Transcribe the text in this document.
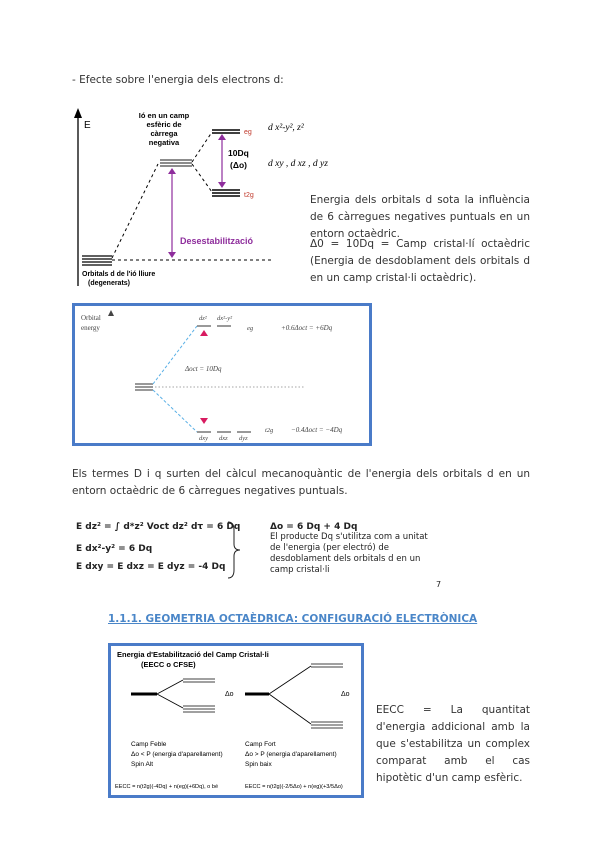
- Efecte sobre l'energia dels electrons d:
E
Ió en un camp
esfèric de
càrrega
negativa
eg
t2g
10Dq
(Δo)
Desestabilització
Orbitals d de l'ió lliure
(degenerats)
d x²-y², z²
d xy , d xz , d yz
Energia dels orbitals d sota la influència de 6 càrregues negatives puntuals en un entorn octaèdric.
Δ0 = 10Dq = Camp cristal·lí octaèdric (Energia de desdoblament dels orbitals d en un camp cristal·li octaèdric).
Orbital
energy
dz² dx²-y²
eg	+0.6Δoct = +6Dq
Δoct = 10Dq
dxy dxz dyz
t2g	−0.4Δoct = −4Dq
Els termes D i q surten del càlcul mecanoquàntic de l'energia dels orbitals d en un entorn octaèdric de 6 càrregues negatives puntuals.
E dz² = ∫ d*z² Voct dz² dτ = 6 Dq
E dx²-y² = 6 Dq
E dxy = E dxz = E dyz = -4 Dq
Δo = 6 Dq + 4 Dq
El producte Dq s'utilitza com a unitat
de l'energia (per electró) de
desdoblament dels orbitals d en un
camp cristal·li
7
1.1.1. GEOMETRIA OCTAÈDRICA: CONFIGURACIÓ ELECTRÒNICA
Energia d'Estabilització del Camp Cristal·li
(EECC o CFSE)
Δo	Δo
Camp Feble
Δo < P (energia d'aparellament)
Spin Alt
Camp Fort
Δo > P (energia d'aparellament)
Spin baix
EECC = n(t2g)(-4Dq) + n(eg)(+6Dq), o bé	EECC = n(t2g)(-2/5Δo) + n(eg)(+3/5Δo)
EECC = La quantitat d'energia addicional amb la que s'estabilitza un complex comparat amb el cas hipotètic d'un camp esfèric.
